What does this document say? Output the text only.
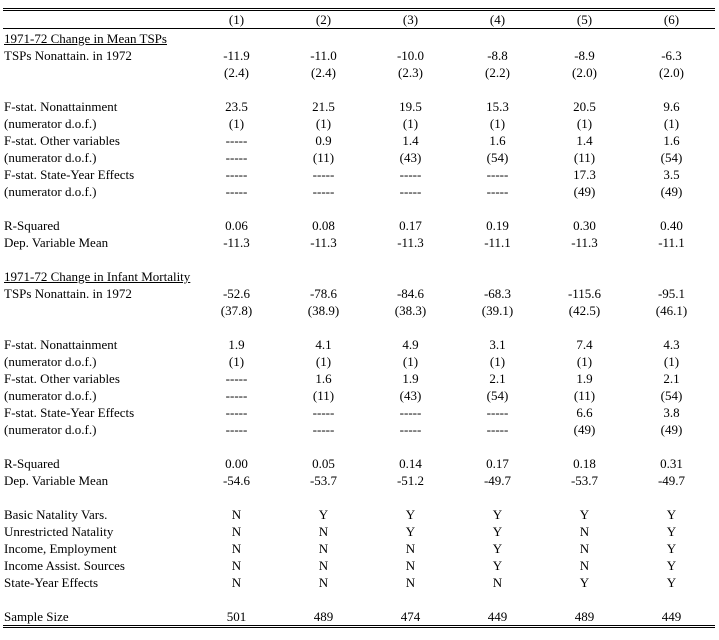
	(1)	(2)	(3)	(4)	(5)	(6)

1971-72 Change in Mean TSPs						
TSPs Nonattain. in 1972	-11.9	-11.0	-10.0	-8.8	-8.9	-6.3
	(2.4)	(2.4)	(2.3)	(2.2)	(2.0)	(2.0)

F-stat. Nonattainment	23.5	21.5	19.5	15.3	20.5	9.6
(numerator d.o.f.)	(1)	(1)	(1)	(1)	(1)	(1)
F-stat. Other variables	-----	0.9	1.4	1.6	1.4	1.6
(numerator d.o.f.)	-----	(11)	(43)	(54)	(11)	(54)
F-stat. State-Year Effects	-----	-----	-----	-----	17.3	3.5
(numerator d.o.f.)	-----	-----	-----	-----	(49)	(49)

R-Squared	0.06	0.08	0.17	0.19	0.30	0.40
Dep. Variable Mean	-11.3	-11.3	-11.3	-11.1	-11.3	-11.1

1971-72 Change in Infant Mortality						
TSPs Nonattain. in 1972	-52.6	-78.6	-84.6	-68.3	-115.6	-95.1
	(37.8)	(38.9)	(38.3)	(39.1)	(42.5)	(46.1)

F-stat. Nonattainment	1.9	4.1	4.9	3.1	7.4	4.3
(numerator d.o.f.)	(1)	(1)	(1)	(1)	(1)	(1)
F-stat. Other variables	-----	1.6	1.9	2.1	1.9	2.1
(numerator d.o.f.)	-----	(11)	(43)	(54)	(11)	(54)
F-stat. State-Year Effects	-----	-----	-----	-----	6.6	3.8
(numerator d.o.f.)	-----	-----	-----	-----	(49)	(49)

R-Squared	0.00	0.05	0.14	0.17	0.18	0.31
Dep. Variable Mean	-54.6	-53.7	-51.2	-49.7	-53.7	-49.7

Basic Natality Vars.	N	Y	Y	Y	Y	Y
Unrestricted Natality	N	N	Y	Y	N	Y
Income, Employment	N	N	N	Y	N	Y
Income Assist. Sources	N	N	N	Y	N	Y
State-Year Effects	N	N	N	N	Y	Y

Sample Size	501	489	474	449	489	449
